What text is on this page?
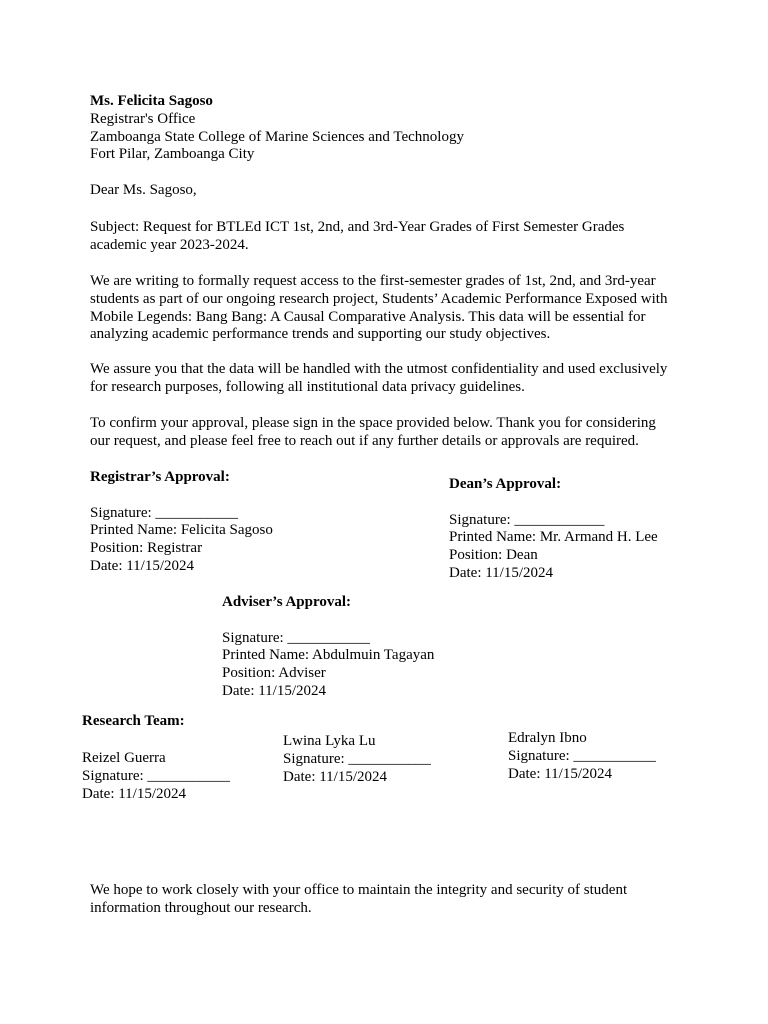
Ms. Felicita Sagoso
Registrar's Office
Zamboanga State College of Marine Sciences and Technology
Fort Pilar, Zamboanga City
Dear Ms. Sagoso,
Subject: Request for BTLEd ICT 1st, 2nd, and 3rd-Year Grades of First Semester Grades
academic year 2023-2024.
We are writing to formally request access to the first-semester grades of 1st, 2nd, and 3rd-year
students as part of our ongoing research project, Students’ Academic Performance Exposed with
Mobile Legends: Bang Bang: A Causal Comparative Analysis. This data will be essential for
analyzing academic performance trends and supporting our study objectives.
We assure you that the data will be handled with the utmost confidentiality and used exclusively
for research purposes, following all institutional data privacy guidelines.
To confirm your approval, please sign in the space provided below. Thank you for considering
our request, and please feel free to reach out if any further details or approvals are required.
Registrar’s Approval:
Signature: ___________
Printed Name: Felicita Sagoso
Position: Registrar
Date: 11/15/2024
Dean’s Approval:
Signature: ____________
Printed Name: Mr. Armand H. Lee
Position: Dean
Date: 11/15/2024
Adviser’s Approval:
Signature: ___________
Printed Name: Abdulmuin Tagayan
Position: Adviser
Date: 11/15/2024
Research Team:
Reizel Guerra
Signature: ___________
Date: 11/15/2024
Lwina Lyka Lu
Signature: ___________
Date: 11/15/2024
Edralyn Ibno
Signature: ___________
Date: 11/15/2024
We hope to work closely with your office to maintain the integrity and security of student
information throughout our research.
